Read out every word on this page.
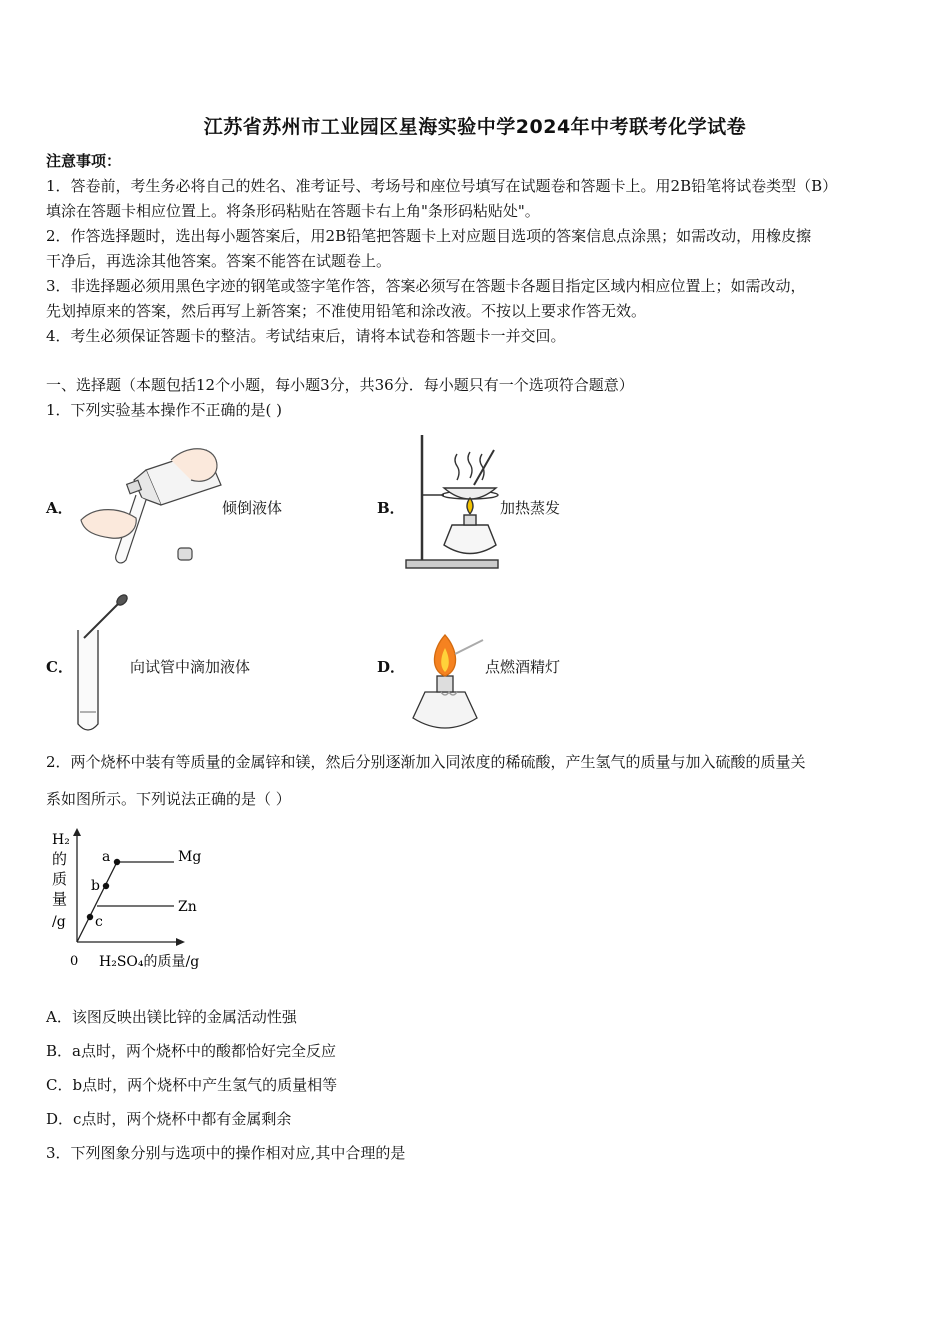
江苏省苏州市工业园区星海实验中学2024年中考联考化学试卷
注意事项：
1．答卷前，考生务必将自己的姓名、准考证号、考场号和座位号填写在试题卷和答题卡上。用2B铅笔将试卷类型（B）
填涂在答题卡相应位置上。将条形码粘贴在答题卡右上角"条形码粘贴处"。
2．作答选择题时，选出每小题答案后，用2B铅笔把答题卡上对应题目选项的答案信息点涂黑；如需改动，用橡皮擦
干净后，再选涂其他答案。答案不能答在试题卷上。
3．非选择题必须用黑色字迹的钢笔或签字笔作答，答案必须写在答题卡各题目指定区域内相应位置上；如需改动，
先划掉原来的答案，然后再写上新答案；不准使用铅笔和涂改液。不按以上要求作答无效。
4．考生必须保证答题卡的整洁。考试结束后，请将本试卷和答题卡一并交回。
一、选择题（本题包括12个小题，每小题3分，共36分．每小题只有一个选项符合题意）
1．下列实验基本操作不正确的是( )
A．	倾倒液体	B．	加热蒸发
C．	向试管中滴加液体	D．	点燃酒精灯
2．两个烧杯中装有等质量的金属锌和镁，然后分别逐渐加入同浓度的稀硫酸，产生氢气的质量与加入硫酸的质量关
系如图所示。下列说法正确的是（ ）
H₂
的
质
量
/g
a
b
c
Mg
Zn
0 H₂SO₄的质量/g
A．该图反映出镁比锌的金属活动性强
B．a点时，两个烧杯中的酸都恰好完全反应
C．b点时，两个烧杯中产生氢气的质量相等
D．c点时，两个烧杯中都有金属剩余
3．下列图象分别与选项中的操作相对应,其中合理的是
